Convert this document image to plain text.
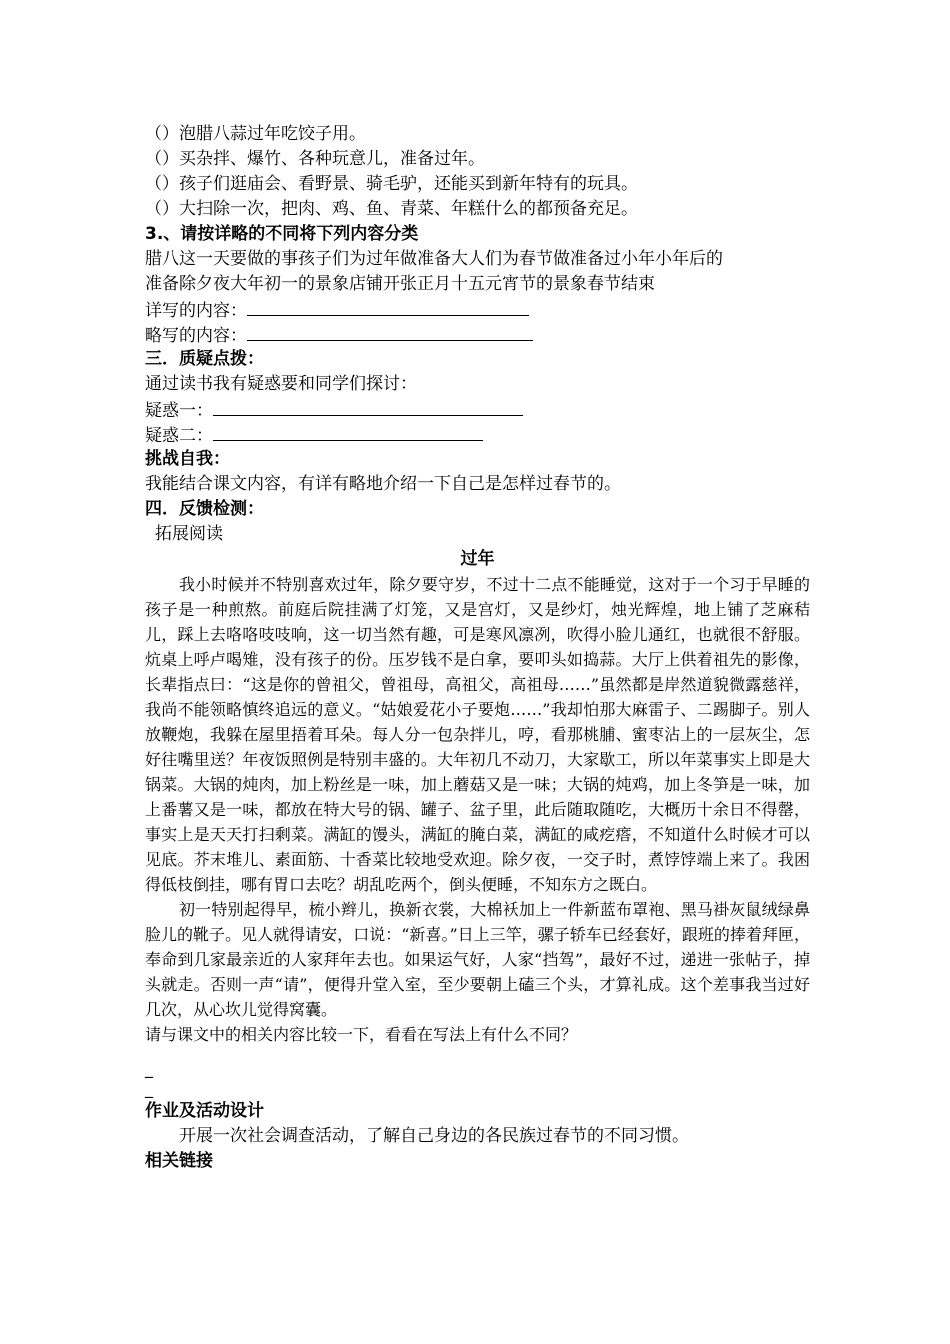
（）泡腊八蒜过年吃饺子用。
（）买杂拌、爆竹、各种玩意儿，准备过年。
（）孩子们逛庙会、看野景、骑毛驴，还能买到新年特有的玩具。
（）大扫除一次，把肉、鸡、鱼、青菜、年糕什么的都预备充足。
3.、请按详略的不同将下列内容分类
腊八这一天要做的事孩子们为过年做准备大人们为春节做准备过小年小年后的
准备除夕夜大年初一的景象店铺开张正月十五元宵节的景象春节结束
详写的内容：
略写的内容：
三．质疑点拨：
通过读书我有疑惑要和同学们探讨：
疑惑一：
疑惑二：
挑战自我：
我能结合课文内容，有详有略地介绍一下自己是怎样过春节的。
四．反馈检测：
拓展阅读
过年
我小时候并不特别喜欢过年，除夕要守岁，不过十二点不能睡觉，这对于一个习于早睡的孩子是一种煎熬。前庭后院挂满了灯笼，又是宫灯，又是纱灯，烛光辉煌，地上铺了芝麻秸儿，踩上去咯咯吱吱响，这一切当然有趣，可是寒风凛冽，吹得小脸儿通红，也就很不舒服。炕桌上呼卢喝雉，没有孩子的份。压岁钱不是白拿，要叩头如捣蒜。大厅上供着祖先的影像，长辈指点曰：“这是你的曾祖父，曾祖母，高祖父，高祖母……”虽然都是岸然道貌微露慈祥，我尚不能领略慎终追远的意义。“姑娘爱花小子要炮……”我却怕那大麻雷子、二踢脚子。别人放鞭炮，我躲在屋里捂着耳朵。每人分一包杂拌儿，哼，看那桃脯、蜜枣沾上的一层灰尘，怎好往嘴里送？年夜饭照例是特别丰盛的。大年初几不动刀，大家歇工，所以年菜事实上即是大锅菜。大锅的炖肉，加上粉丝是一味，加上蘑菇又是一味；大锅的炖鸡，加上冬笋是一味，加上番薯又是一味，都放在特大号的锅、罐子、盆子里，此后随取随吃，大概历十余日不得罄，事实上是天天打扫剩菜。满缸的馒头，满缸的腌白菜，满缸的咸疙瘩，不知道什么时候才可以见底。芥末堆儿、素面筋、十香菜比较地受欢迎。除夕夜，一交子时，煮饽饽端上来了。我困得低枝倒挂，哪有胃口去吃？胡乱吃两个，倒头便睡，不知东方之既白。
初一特别起得早，梳小辫儿，换新衣裳，大棉袄加上一件新蓝布罩袍、黑马褂灰鼠绒绿鼻脸儿的靴子。见人就得请安，口说：“新喜。”日上三竿，骡子轿车已经套好，跟班的捧着拜匣，奉命到几家最亲近的人家拜年去也。如果运气好，人家“挡驾”，最好不过，递进一张帖子，掉头就走。否则一声“请”，便得升堂入室，至少要朝上磕三个头，才算礼成。这个差事我当过好几次，从心坎儿觉得窝囊。
请与课文中的相关内容比较一下，看看在写法上有什么不同？
_
_
作业及活动设计
开展一次社会调查活动，了解自己身边的各民族过春节的不同习惯。
相关链接
